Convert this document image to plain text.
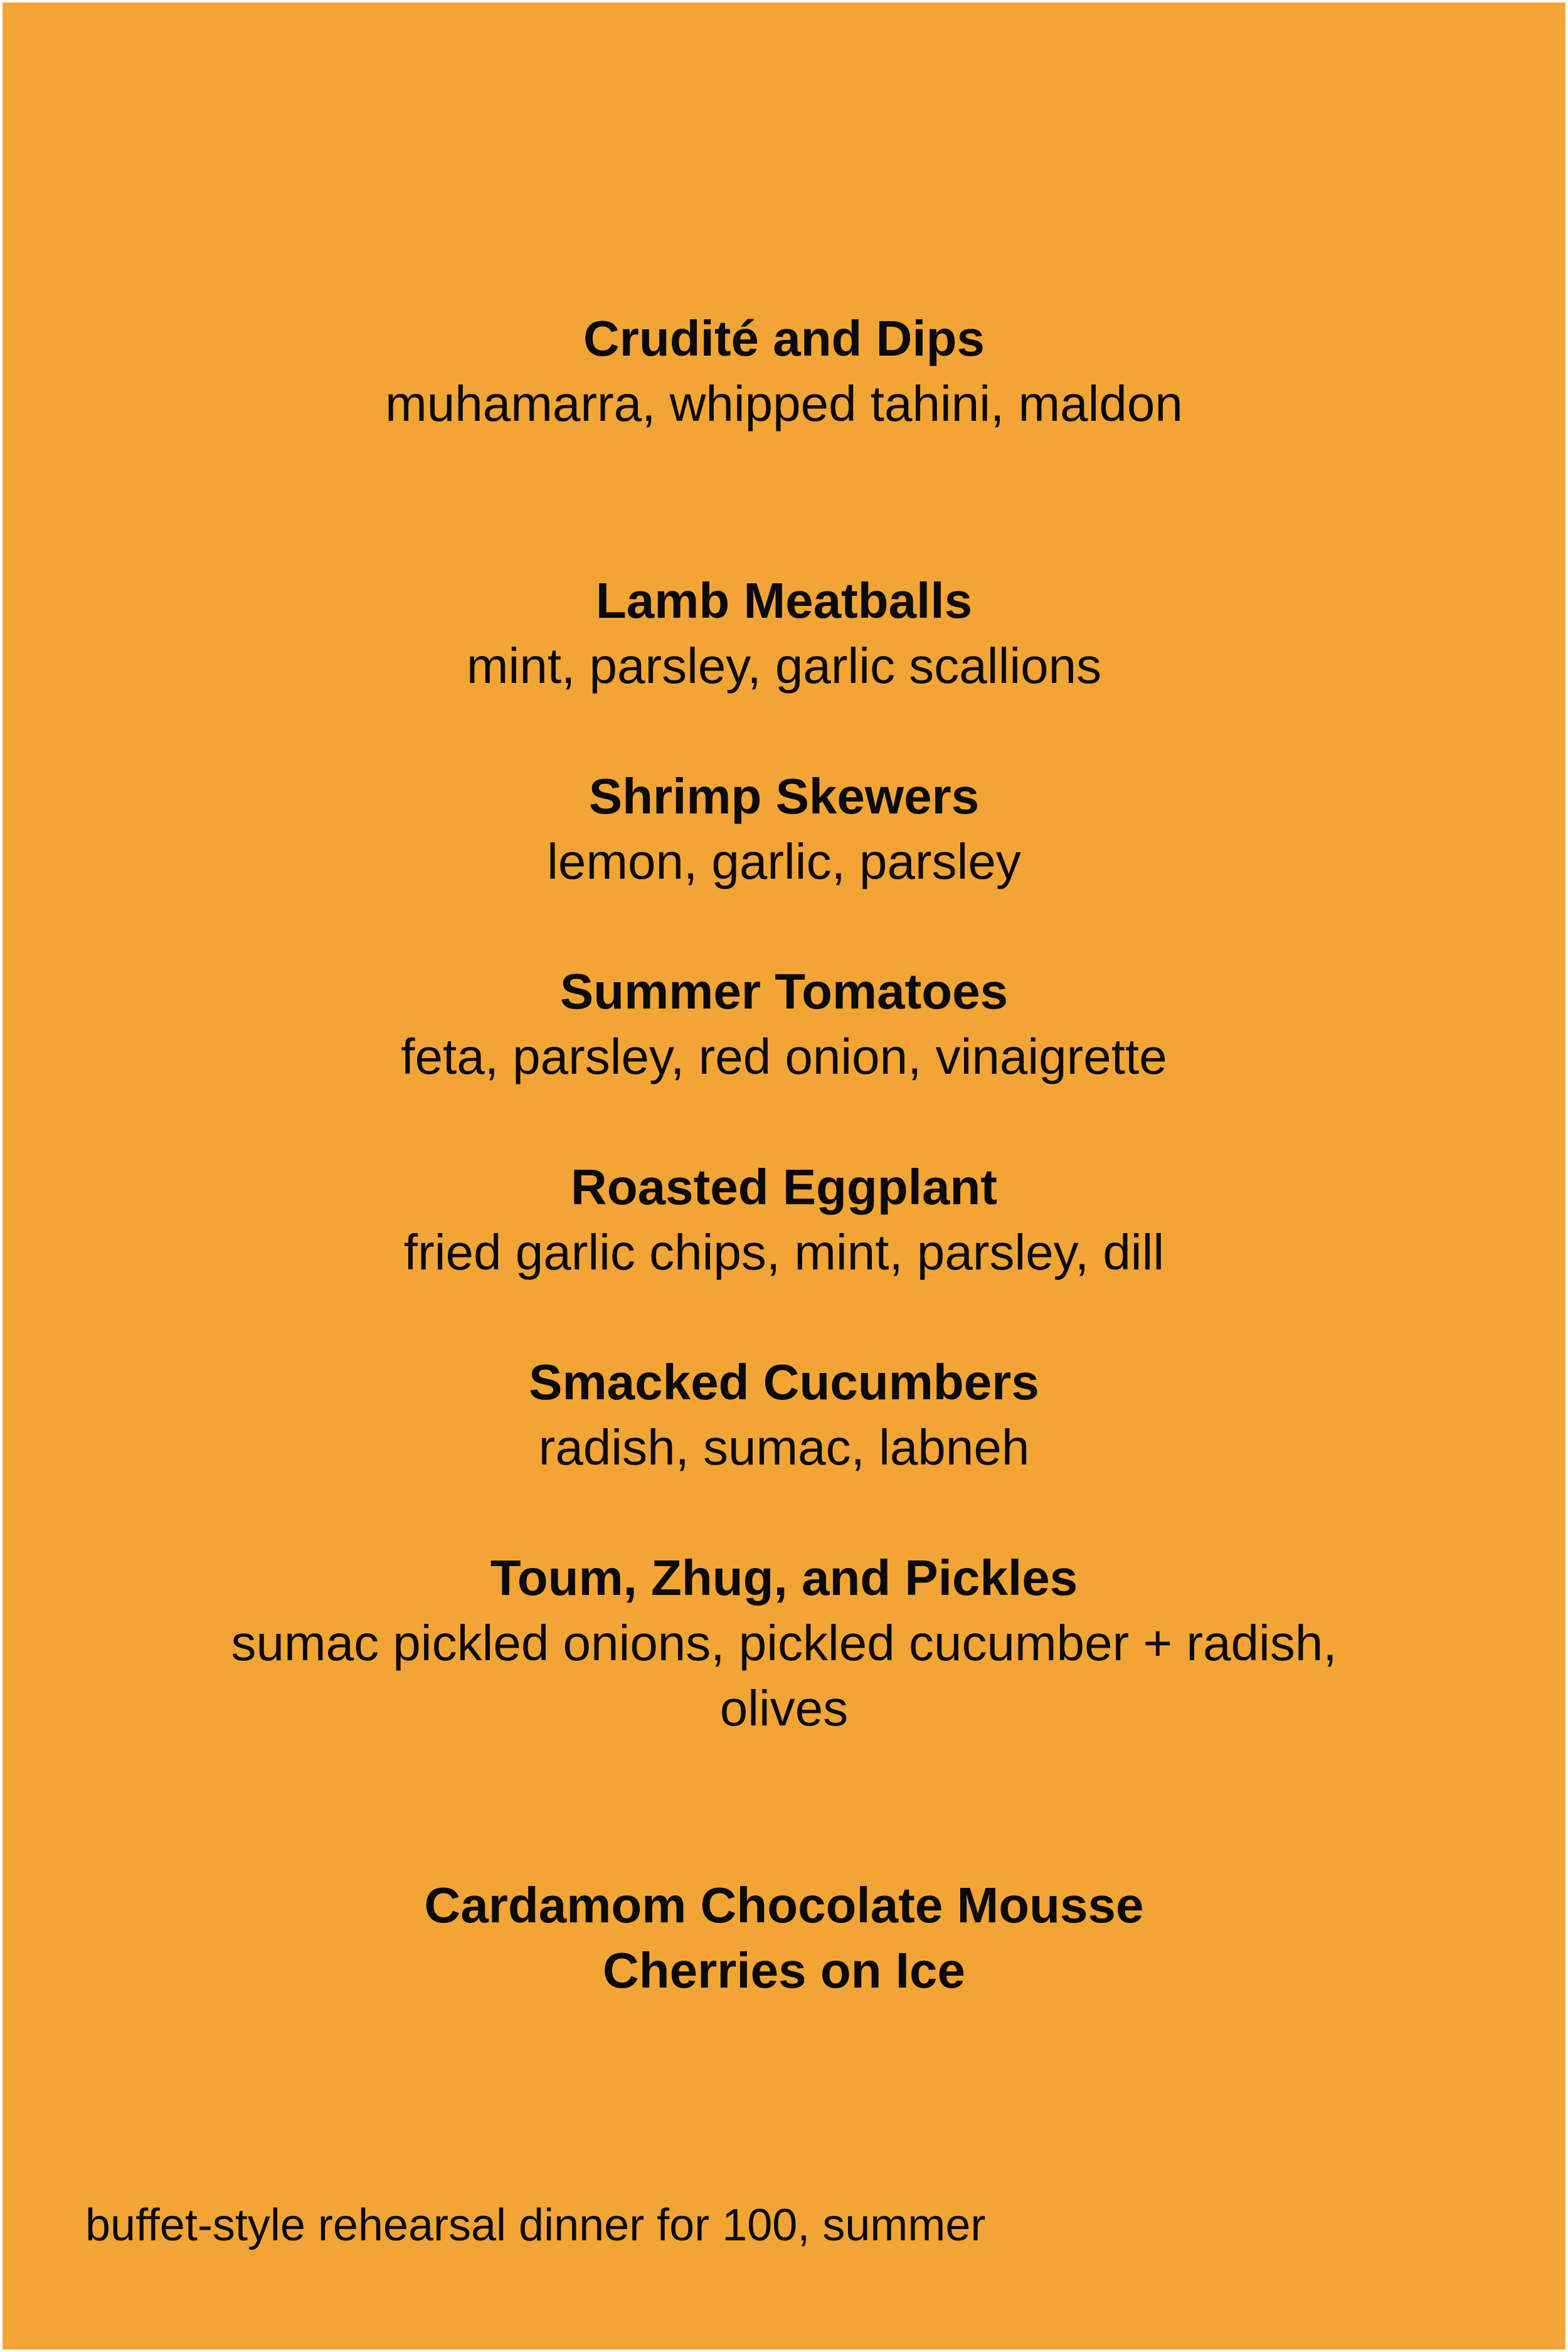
Crudité and Dips
muhamarra, whipped tahini, maldon
Lamb Meatballs
mint, parsley, garlic scallions
Shrimp Skewers
lemon, garlic, parsley
Summer Tomatoes
feta, parsley, red onion, vinaigrette
Roasted Eggplant
fried garlic chips, mint, parsley, dill
Smacked Cucumbers
radish, sumac, labneh
Toum, Zhug, and Pickles
sumac pickled onions, pickled cucumber + radish,
olives
Cardamom Chocolate Mousse
Cherries on Ice
buffet-style rehearsal dinner for 100, summer
